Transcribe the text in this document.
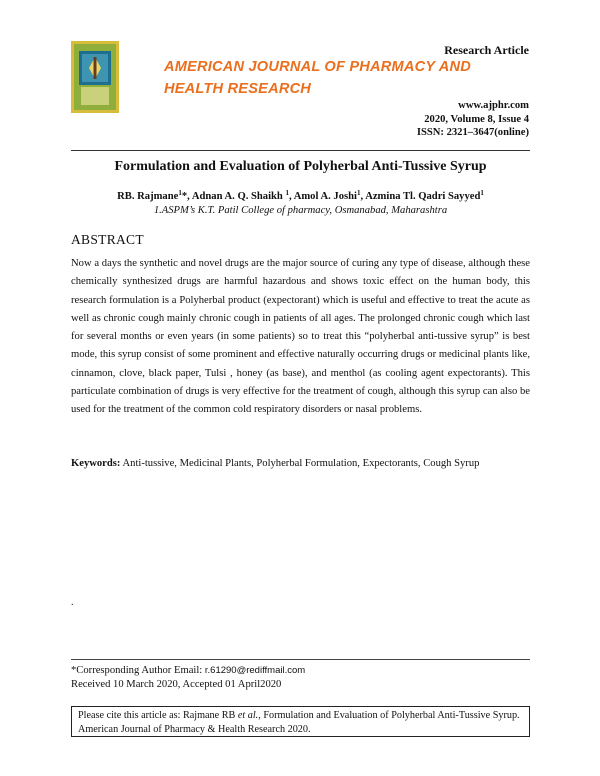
AMERICAN JOURNAL OF PHARMACY AND HEALTH RESEARCH
Research Article
www.ajphr.com
2020, Volume 8, Issue 4
ISSN: 2321–3647(online)
Formulation and Evaluation of Polyherbal Anti-Tussive Syrup
RB. Rajmane$^1$*, Adnan A. Q. Shaikh $^1$, Amol A. Joshi$^1$, Azmina Tl. Qadri Sayyed$^1$
1.ASPM’s K.T. Patil College of pharmacy, Osmanabad, Maharashtra
ABSTRACT

Now a days the synthetic and novel drugs are the major source of curing any type of disease, although these chemically synthesized drugs are harmful hazardous and shows toxic effect on the human body, this research formulation is a Polyherbal product (expectorant) which is useful and effective to treat the acute as well as chronic cough mainly chronic cough in patients of all ages. The prolonged chronic cough which last for several months or even years (in some patients) so to treat this “polyherbal anti-tussive syrup” is best mode, this syrup consist of some prominent and effective naturally occurring drugs or medicinal plants like, cinnamon, clove, black paper, Tulsi , honey (as base), and menthol (as cooling agent expectorants). This particulate combination of drugs is very effective for the treatment of cough, although this syrup can also be used for the treatment of the common cold respiratory disorders or nasal problems.

Keywords: Anti-tussive, Medicinal Plants, Polyherbal Formulation, Expectorants, Cough Syrup
.
*Corresponding Author Email: r.61290@rediffmail.com
Received 10 March 2020, Accepted 01 April2020
Please cite this article as: Rajmane RB et al., Formulation and Evaluation of Polyherbal Anti-Tussive Syrup. American Journal of Pharmacy & Health Research 2020.
